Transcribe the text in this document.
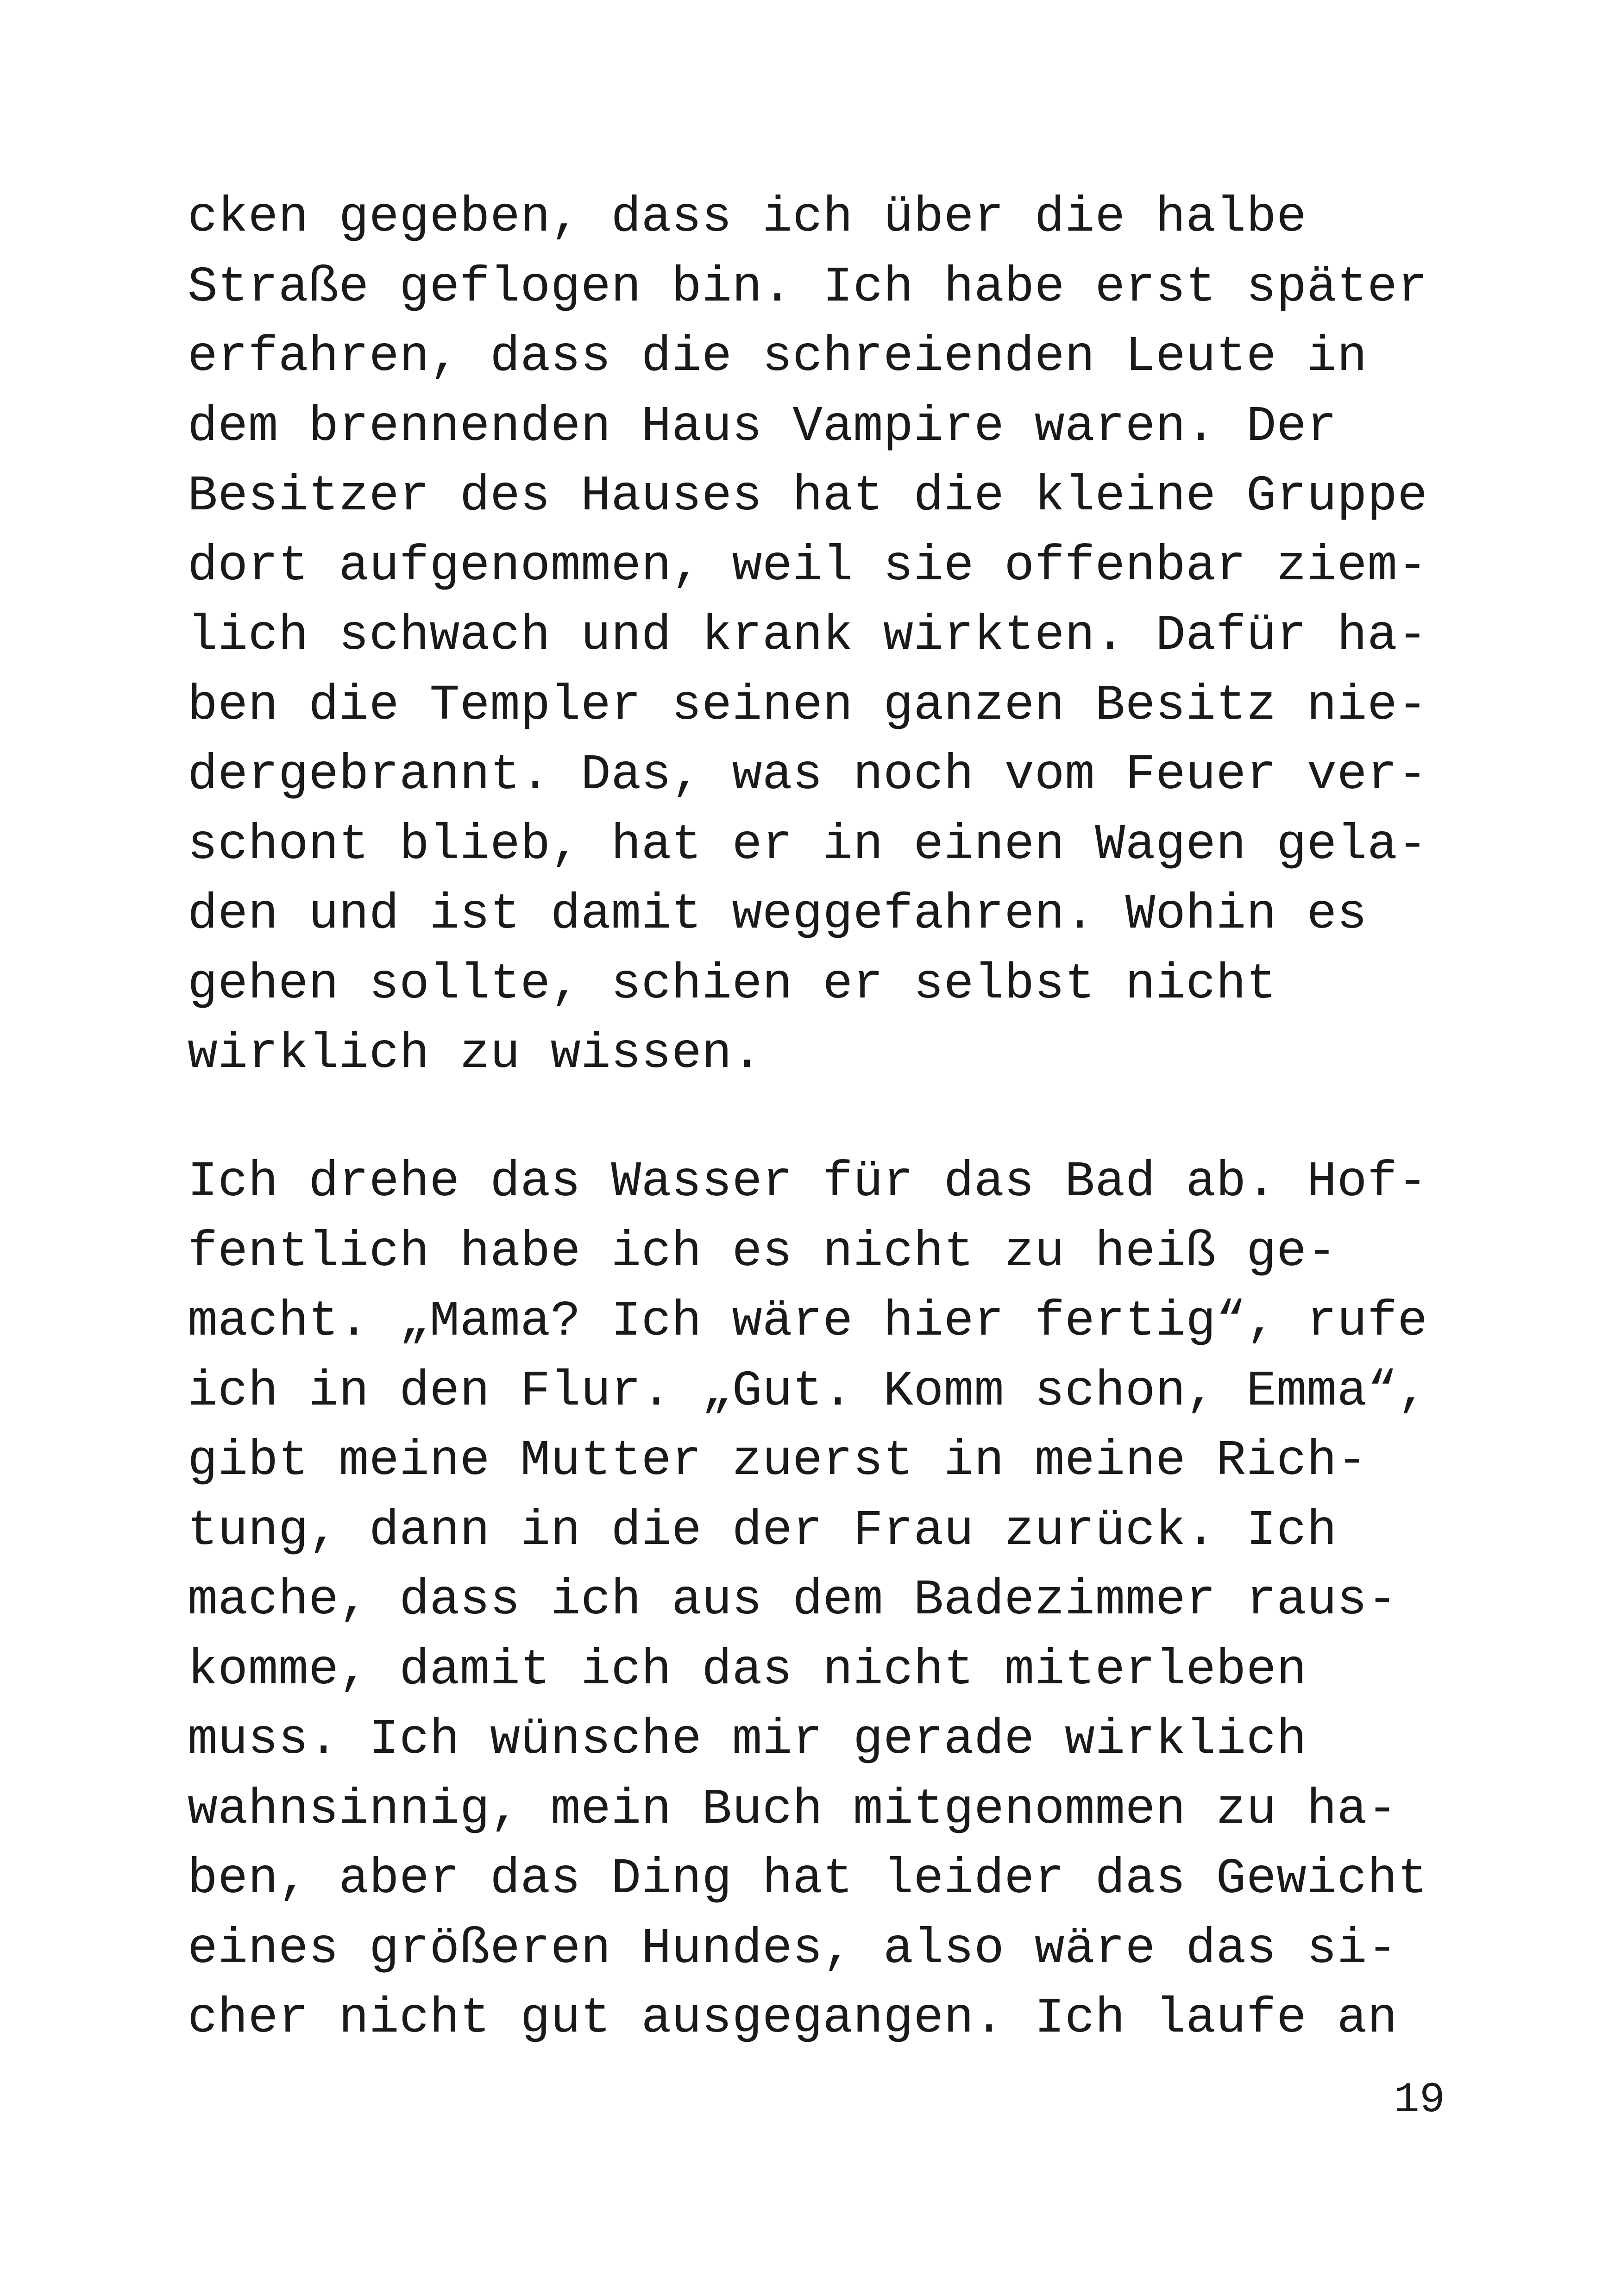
cken gegeben, dass ich über die halbe
Straße geflogen bin. Ich habe erst später
erfahren, dass die schreienden Leute in
dem brennenden Haus Vampire waren. Der
Besitzer des Hauses hat die kleine Gruppe
dort aufgenommen, weil sie offenbar ziem-
lich schwach und krank wirkten. Dafür ha-
ben die Templer seinen ganzen Besitz nie-
dergebrannt. Das, was noch vom Feuer ver-
schont blieb, hat er in einen Wagen gela-
den und ist damit weggefahren. Wohin es
gehen sollte, schien er selbst nicht
wirklich zu wissen.
Ich drehe das Wasser für das Bad ab. Hof-
fentlich habe ich es nicht zu heiß ge-
macht. „Mama? Ich wäre hier fertig“, rufe
ich in den Flur. „Gut. Komm schon, Emma“,
gibt meine Mutter zuerst in meine Rich-
tung, dann in die der Frau zurück. Ich
mache, dass ich aus dem Badezimmer raus-
komme, damit ich das nicht miterleben
muss. Ich wünsche mir gerade wirklich
wahnsinnig, mein Buch mitgenommen zu ha-
ben, aber das Ding hat leider das Gewicht
eines größeren Hundes, also wäre das si-
cher nicht gut ausgegangen. Ich laufe an
19
